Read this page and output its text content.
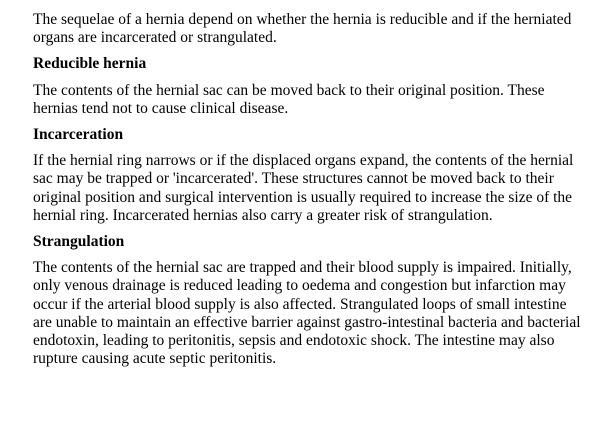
The sequelae of a hernia depend on whether the hernia is reducible and if the herniated organs are incarcerated or strangulated.

Reducible hernia

The contents of the hernial sac can be moved back to their original position. These hernias tend not to cause clinical disease.

Incarceration

If the hernial ring narrows or if the displaced organs expand, the contents of the hernial sac may be trapped or 'incarcerated'. These structures cannot be moved back to their original position and surgical intervention is usually required to increase the size of the hernial ring. Incarcerated hernias also carry a greater risk of strangulation.

Strangulation

The contents of the hernial sac are trapped and their blood supply is impaired. Initially, only venous drainage is reduced leading to oedema and congestion but infarction may occur if the arterial blood supply is also affected. Strangulated loops of small intestine are unable to maintain an effective barrier against gastro-intestinal bacteria and bacterial endotoxin, leading to peritonitis, sepsis and endotoxic shock. The intestine may also rupture causing acute septic peritonitis.
